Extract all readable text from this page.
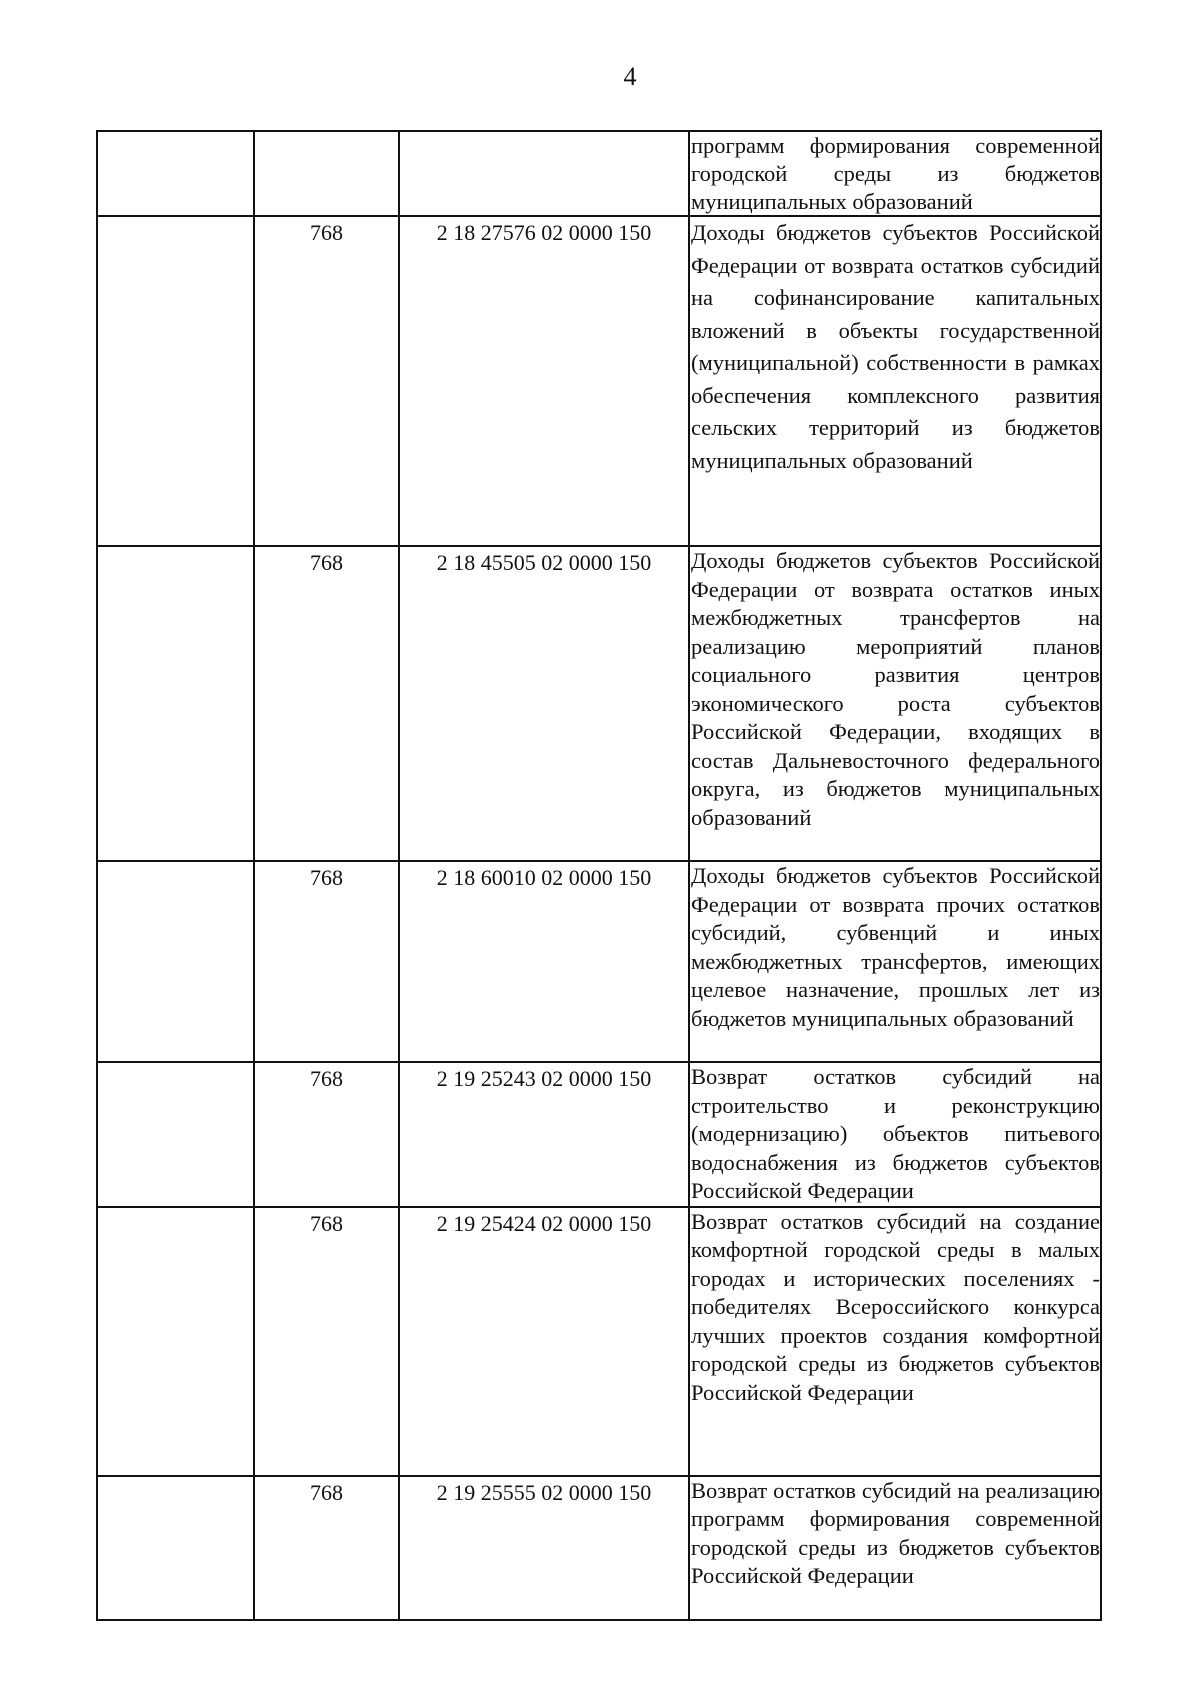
4
			программ формирования современной городской среды из бюджетов муниципальных образований
	768	2 18 27576 02 0000 150	Доходы бюджетов субъектов Российской Федерации от возврата остатков субсидий на софинансирование капитальных вложений в объекты государственной (муниципальной) собственности в рамках обеспечения комплексного развития сельских территорий из бюджетов муниципальных образований
	768	2 18 45505 02 0000 150	Доходы бюджетов субъектов Российской Федерации от возврата остатков иных межбюджетных трансфертов на реализацию мероприятий планов социального развития центров экономического роста субъектов Российской Федерации, входящих в состав Дальневосточного федерального округа, из бюджетов муниципальных образований
	768	2 18 60010 02 0000 150	Доходы бюджетов субъектов Российской Федерации от возврата прочих остатков субсидий, субвенций и иных межбюджетных трансфертов, имеющих целевое назначение, прошлых лет из бюджетов муниципальных образований
	768	2 19 25243 02 0000 150	Возврат остатков субсидий на строительство и реконструкцию (модернизацию) объектов питьевого водоснабжения из бюджетов субъектов Российской Федерации
	768	2 19 25424 02 0000 150	Возврат остатков субсидий на создание комфортной городской среды в малых городах и исторических поселениях - победителях Всероссийского конкурса лучших проектов создания комфортной городской среды из бюджетов субъектов Российской Федерации
	768	2 19 25555 02 0000 150	Возврат остатков субсидий на реализацию программ формирования современной городской среды из бюджетов субъектов Российской Федерации
